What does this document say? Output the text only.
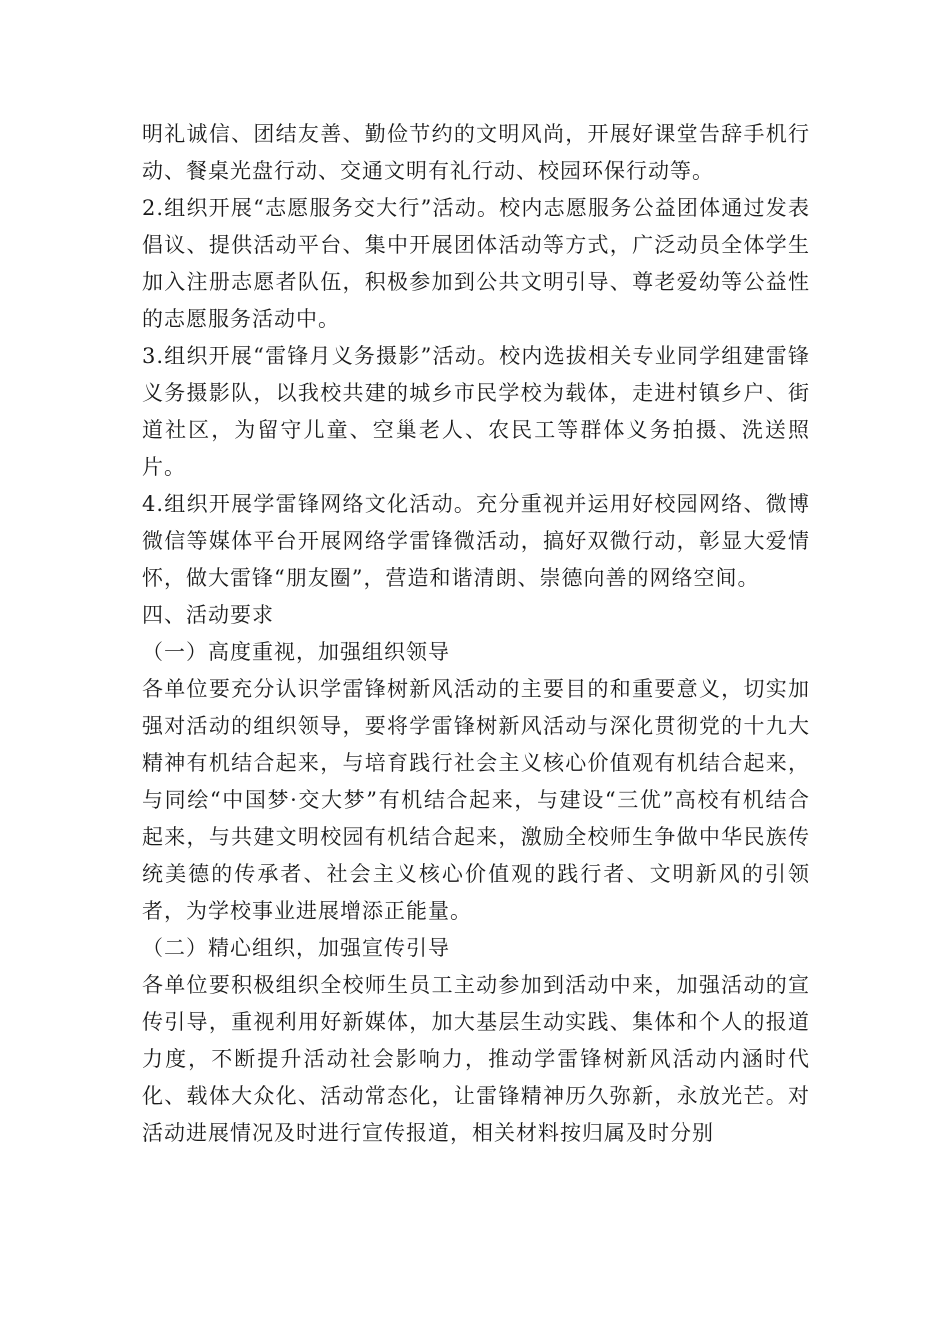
明礼诚信、团结友善、勤俭节约的文明风尚，开展好课堂告辞手机行动、餐桌光盘行动、交通文明有礼行动、校园环保行动等。

2.组织开展“志愿服务交大行”活动。校内志愿服务公益团体通过发表倡议、提供活动平台、集中开展团体活动等方式，广泛动员全体学生加入注册志愿者队伍，积极参加到公共文明引导、尊老爱幼等公益性的志愿服务活动中。

3.组织开展“雷锋月义务摄影”活动。校内选拔相关专业同学组建雷锋义务摄影队，以我校共建的城乡市民学校为载体，走进村镇乡户、街道社区，为留守儿童、空巢老人、农民工等群体义务拍摄、洗送照片。

4.组织开展学雷锋网络文化活动。充分重视并运用好校园网络、微博微信等媒体平台开展网络学雷锋微活动，搞好双微行动，彰显大爱情怀，做大雷锋“朋友圈”，营造和谐清朗、崇德向善的网络空间。

四、活动要求

（一）高度重视，加强组织领导

各单位要充分认识学雷锋树新风活动的主要目的和重要意义，切实加强对活动的组织领导，要将学雷锋树新风活动与深化贯彻党的十九大精神有机结合起来，与培育践行社会主义核心价值观有机结合起来，与同绘“中国梦·交大梦”有机结合起来，与建设“三优”高校有机结合起来，与共建文明校园有机结合起来，激励全校师生争做中华民族传统美德的传承者、社会主义核心价值观的践行者、文明新风的引领者，为学校事业进展增添正能量。

（二）精心组织，加强宣传引导

各单位要积极组织全校师生员工主动参加到活动中来，加强活动的宣传引导，重视利用好新媒体，加大基层生动实践、集体和个人的报道力度，不断提升活动社会影响力，推动学雷锋树新风活动内涵时代化、载体大众化、活动常态化，让雷锋精神历久弥新，永放光芒。对活动进展情况及时进行宣传报道，相关材料按归属及时分别
